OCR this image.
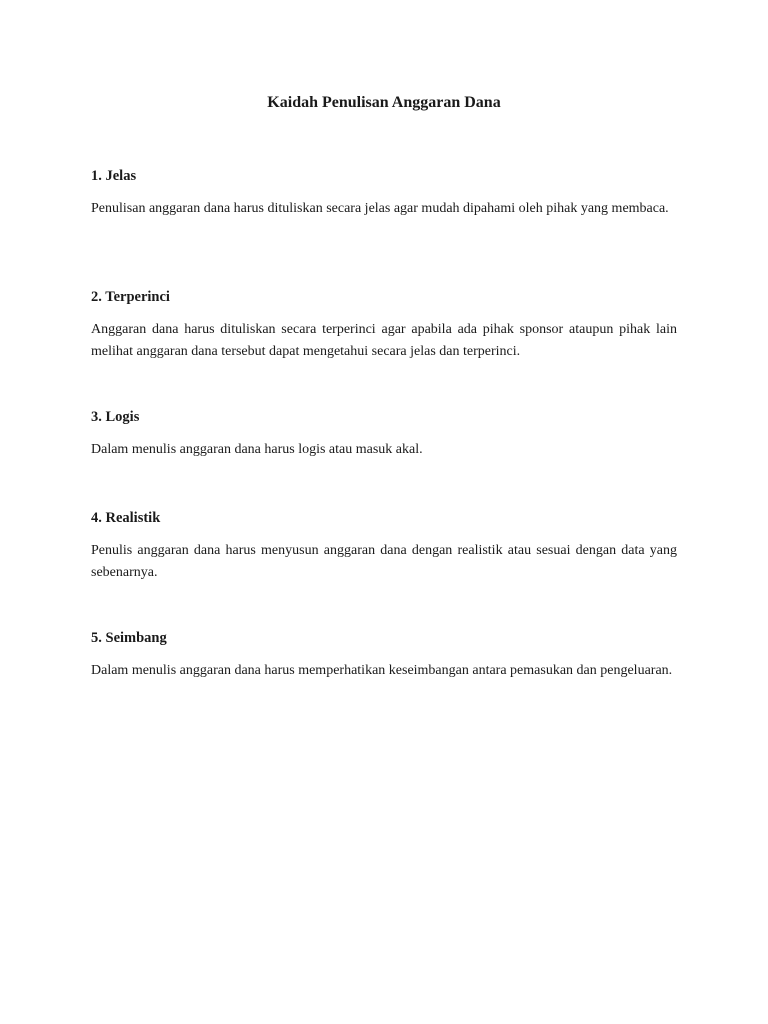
Kaidah Penulisan Anggaran Dana
1. Jelas

Penulisan anggaran dana harus dituliskan secara jelas agar mudah dipahami oleh pihak yang membaca.

2. Terperinci

Anggaran dana harus dituliskan secara terperinci agar apabila ada pihak sponsor ataupun pihak lain melihat anggaran dana tersebut dapat mengetahui secara jelas dan terperinci.

3. Logis

Dalam menulis anggaran dana harus logis atau masuk akal.

4. Realistik

Penulis anggaran dana harus menyusun anggaran dana dengan realistik atau sesuai dengan data yang sebenarnya.

5. Seimbang

Dalam menulis anggaran dana harus memperhatikan keseimbangan antara pemasukan dan pengeluaran.
